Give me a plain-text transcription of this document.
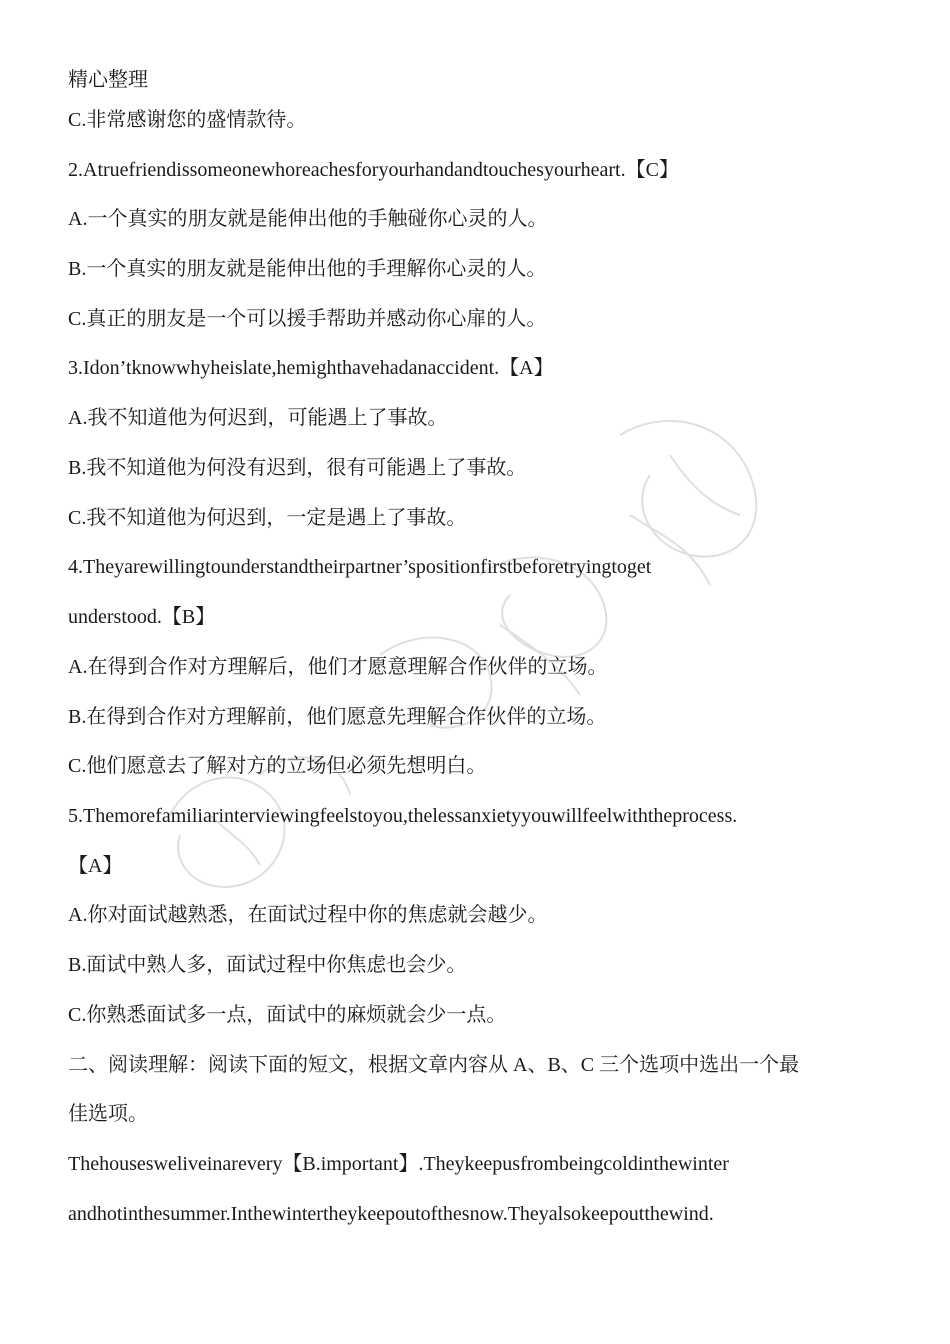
精心整理
C.非常感谢您的盛情款待。
2.Atruefriendissomeonewhoreachesforyourhandandtouchesyourheart.【C】
A.一个真实的朋友就是能伸出他的手触碰你心灵的人。
B.一个真实的朋友就是能伸出他的手理解你心灵的人。
C.真正的朋友是一个可以援手帮助并感动你心扉的人。
3.Idon’tknowwhyheislate,hemighthavehadanaccident.【A】
A.我不知道他为何迟到，可能遇上了事故。
B.我不知道他为何没有迟到，很有可能遇上了事故。
C.我不知道他为何迟到，一定是遇上了事故。
4.Theyarewillingtounderstandtheirpartner’spositionfirstbeforetryingtoget
understood.【B】
A.在得到合作对方理解后，他们才愿意理解合作伙伴的立场。
B.在得到合作对方理解前，他们愿意先理解合作伙伴的立场。
C.他们愿意去了解对方的立场但必须先想明白。
5.Themorefamiliarinterviewingfeelstoyou,thelessanxietyyouwillfeelwiththeprocess.
【A】
A.你对面试越熟悉，在面试过程中你的焦虑就会越少。
B.面试中熟人多，面试过程中你焦虑也会少。
C.你熟悉面试多一点，面试中的麻烦就会少一点。
二、阅读理解：阅读下面的短文，根据文章内容从 A、B、C 三个选项中选出一个最
佳选项。
Thehousesweliveinarevery【B.important】.Theykeepusfrombeingcoldinthewinter
andhotinthesummer.Inthewintertheykeepoutofthesnow.Theyalsokeepoutthewind.
